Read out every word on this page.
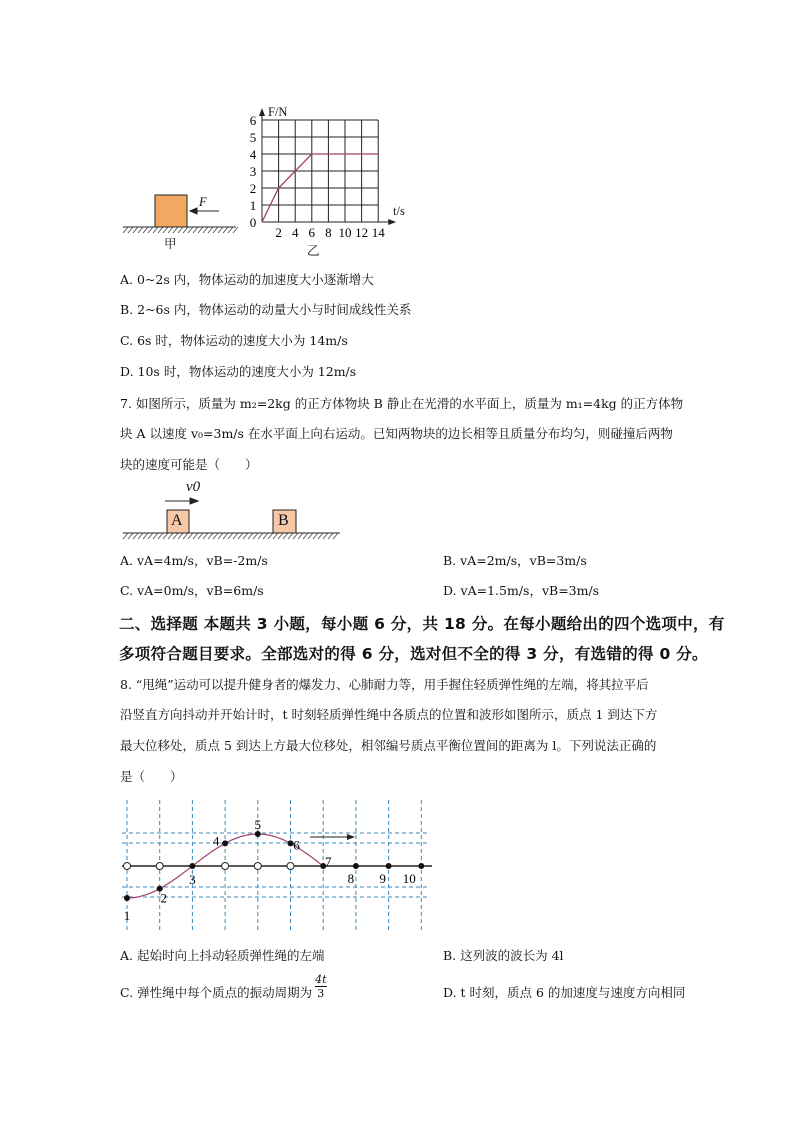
0
1
2
3
4
5
6
2 4 6 8 10 12 14
F
甲	乙
F/N
t/s
A. 0~2s 内，物体运动的加速度大小逐渐增大
B. 2~6s 内，物体运动的动量大小与时间成线性关系
C. 6s 时，物体运动的速度大小为 14m/s
D. 10s 时，物体运动的速度大小为 12m/s
7. 如图所示，质量为 m₂=2kg 的正方体物块 B 静止在光滑的水平面上，质量为 m₁=4kg 的正方体物
块 A 以速度 v₀=3m/s 在水平面上向右运动。已知两物块的边长相等且质量分布均匀，则碰撞后两物
块的速度可能是（　　）
v0
A	B
A. vA=4m/s，vB=-2m/s	B. vA=2m/s，vB=3m/s
C. vA=0m/s，vB=6m/s	D. vA=1.5m/s，vB=3m/s
二、选择题 本题共 3 小题，每小题 6 分，共 18 分。在每小题给出的四个选项中，有
多项符合题目要求。全部选对的得 6 分，选对但不全的得 3 分，有选错的得 0 分。
8. “甩绳”运动可以提升健身者的爆发力、心肺耐力等，用手握住轻质弹性绳的左端，将其拉平后
沿竖直方向抖动并开始计时，t 时刻轻质弹性绳中各质点的位置和波形如图所示，质点 1 到达下方
最大位移处，质点 5 到达上方最大位移处，相邻编号质点平衡位置间的距离为 l。下列说法正确的
是（　　）
1
2
3
4
5
6
7
8 9 10
A. 起始时向上抖动轻质弹性绳的左端	B. 这列波的波长为 4l
C. 弹性绳中每个质点的振动周期为 $\frac{4t}{3}$	D. t 时刻，质点 6 的加速度与速度方向相同
